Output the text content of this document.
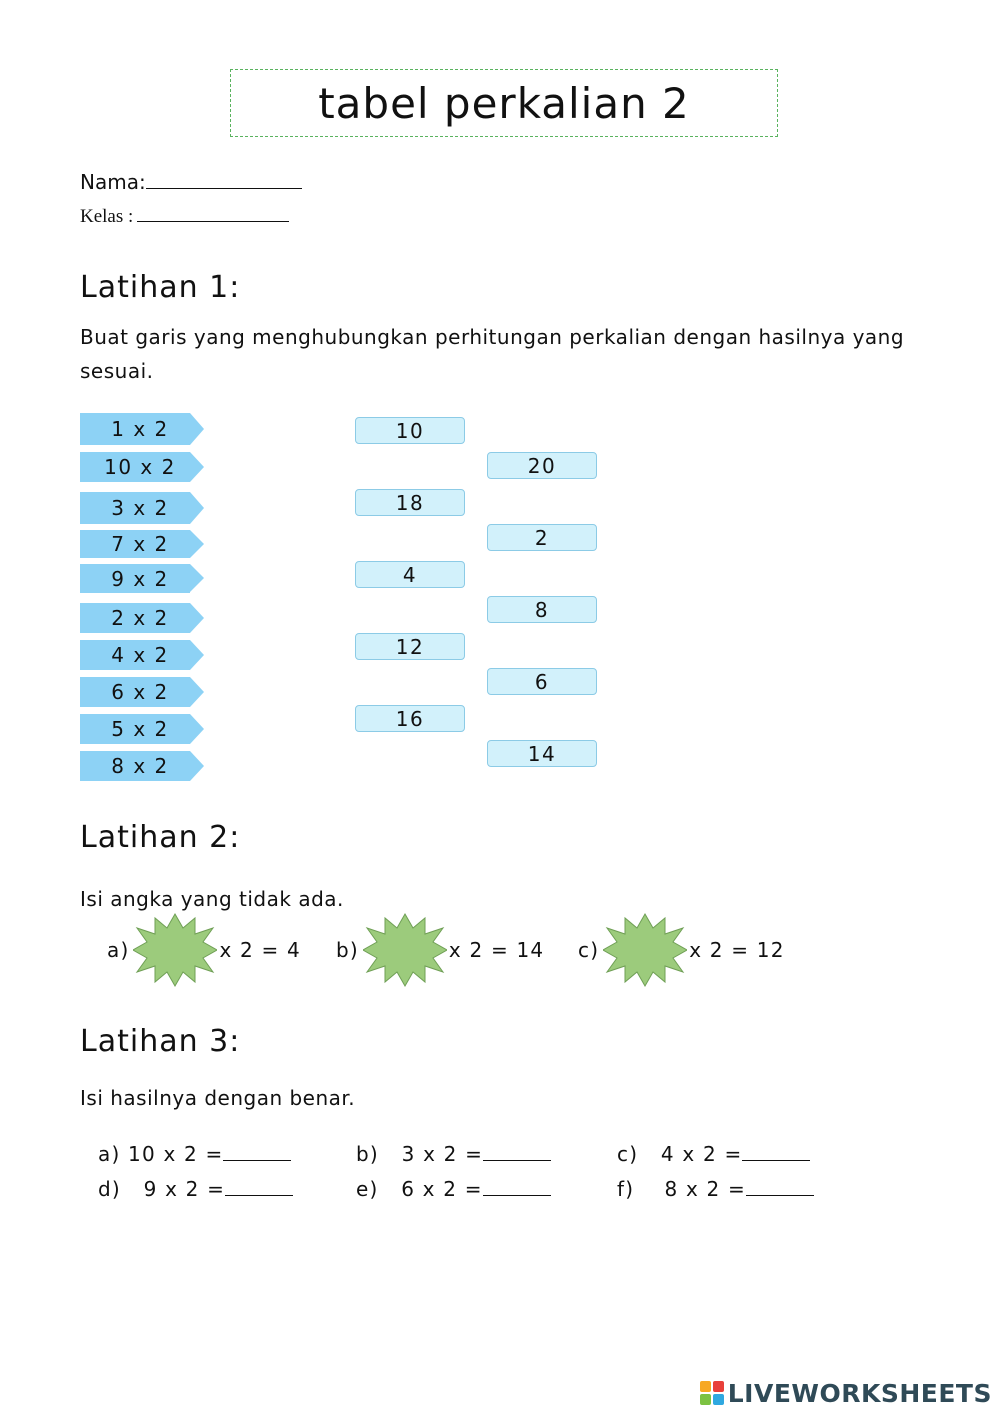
tabel perkalian 2
Nama:
Kelas :
Latihan 1:
Buat garis yang menghubungkan perhitungan perkalian dengan hasilnya yang
sesuai.
1 x 2
10 x 2
3 x 2
7 x 2
9 x 2
2 x 2
4 x 2
6 x 2
5 x 2
8 x 2
10
18
4
12
16
20
2
8
6
14
Latihan 2:
Isi angka yang tidak ada.
a)	x 2 = 4 b)	x 2 = 14 c)	x 2 = 12
Latihan 3:
Isi hasilnya dengan benar.
a) 10 x 2 =	b) 3 x 2 =	c) 4 x 2 =
d) 9 x 2 =	e) 6 x 2 =	f) 8 x 2 =
LIVEWORKSHEETS
